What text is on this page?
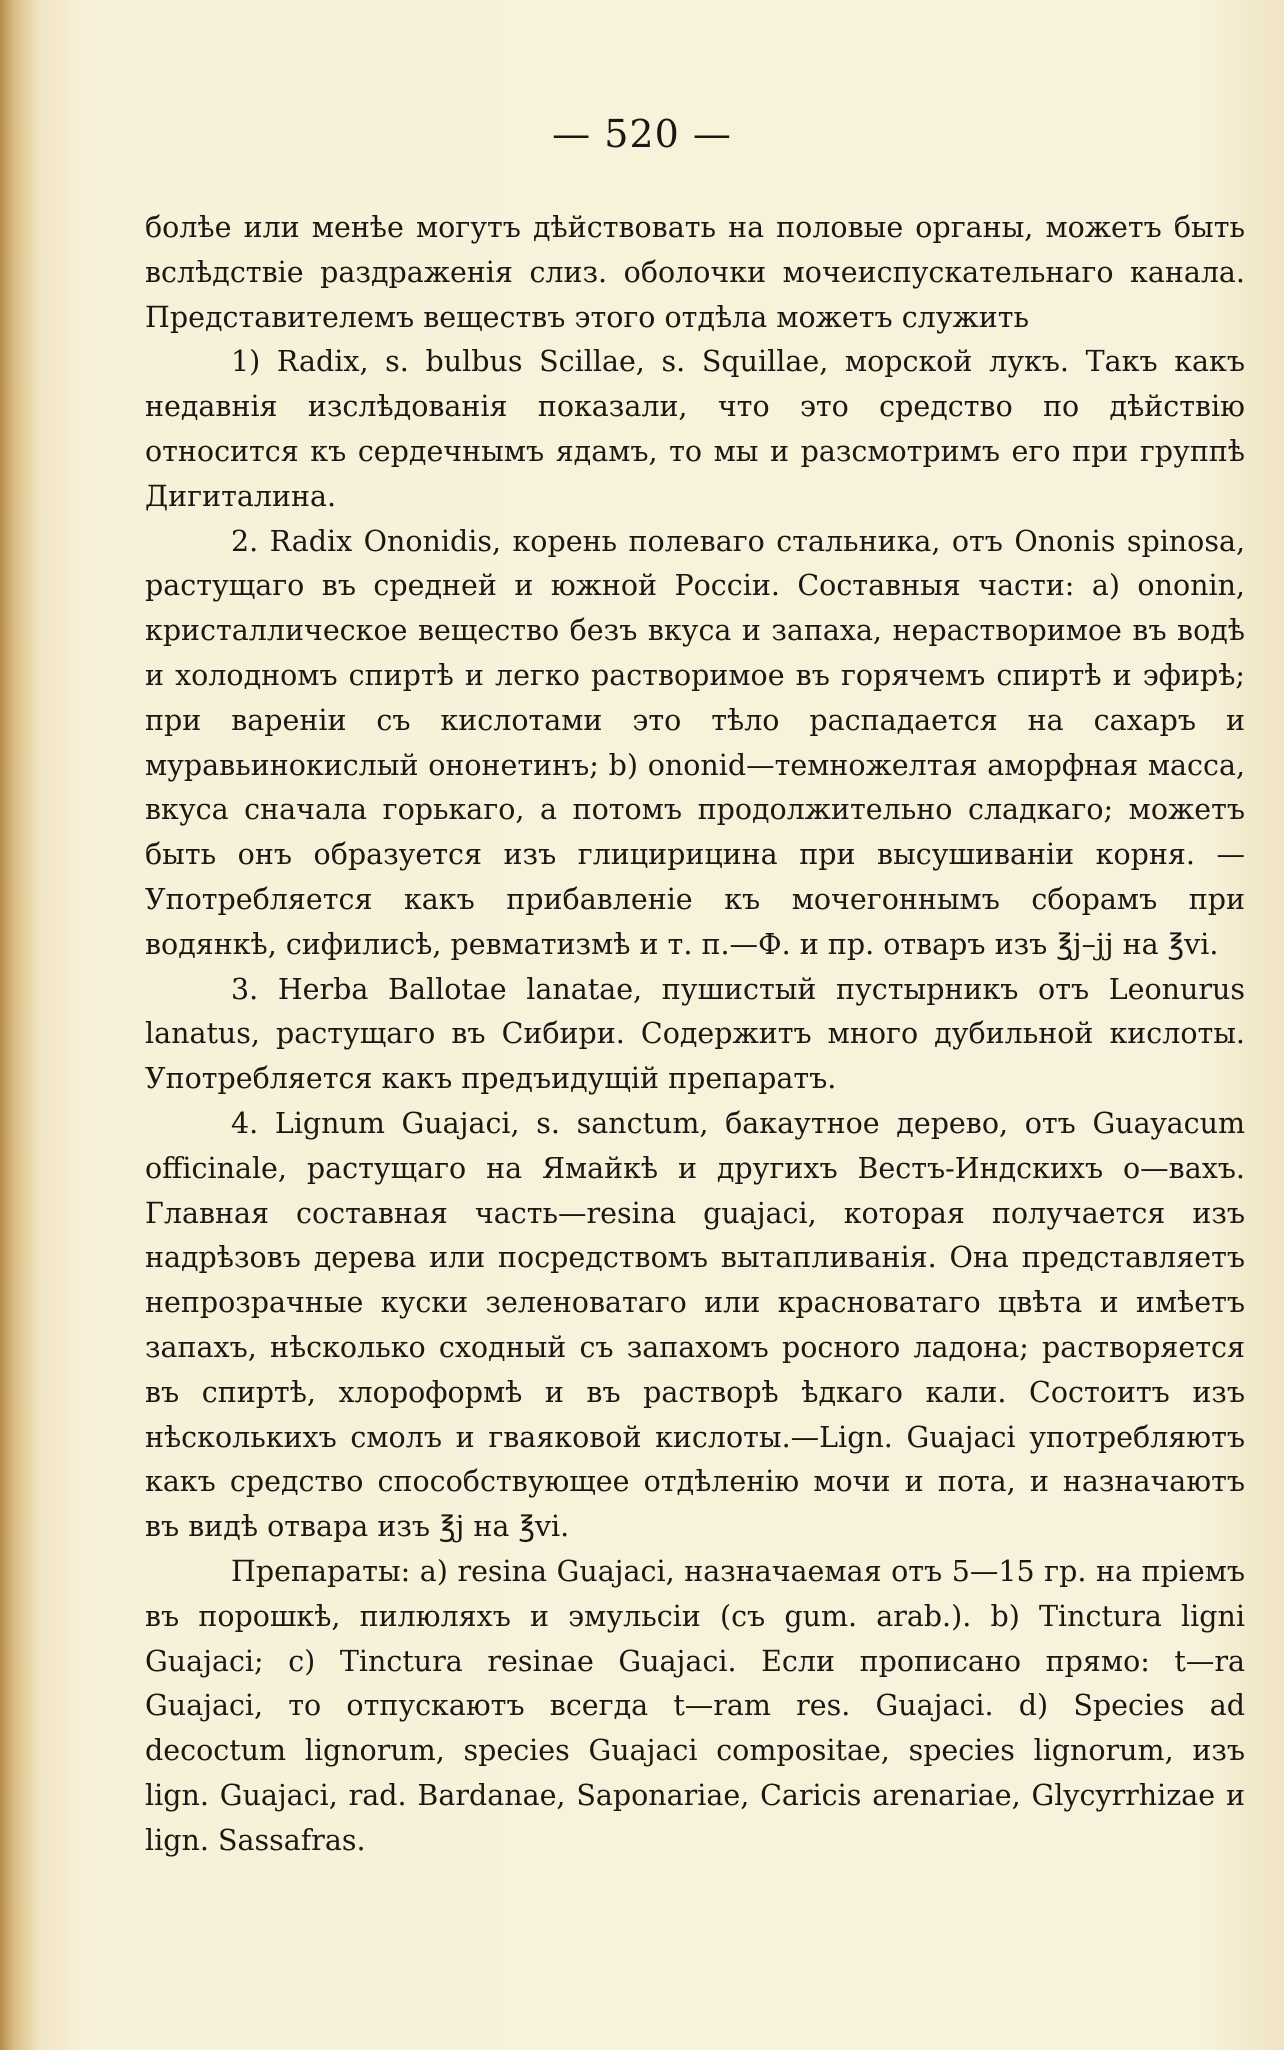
— 520 —

болѣе или менѣе могутъ дѣйствовать на половые органы, можетъ быть вслѣдствiе раздраженiя слиз. оболочки мочеиспускательнаго канала. Представителемъ веществъ этого отдѣла можетъ служить

1) Radix, s. bulbus Scillae, s. Squillae, морской лукъ. Такъ какъ недавнiя изслѣдованiя показали, что это средство по дѣйствiю относится къ сердечнымъ ядамъ, то мы и разсмотримъ его при группѣ Дигиталина.

2. Radix Ononidis, корень полеваго стальника, отъ Ononis spinosa, растущаго въ средней и южной Россiи. Составныя части: а) ononin, кристаллическое вещество безъ вкуса и запаха, нерастворимое въ водѣ и холодномъ спиртѣ и легко растворимое въ горячемъ спиртѣ и эфирѣ; при варенiи съ кислотами это тѣло распадается на сахаръ и муравьинокислый ононетинъ; b) ononid—темножелтая аморфная масса, вкуса сначала горькаго, а потомъ продолжительно сладкаго; можетъ быть онъ образуется изъ глицирицина при высушиванiи корня. —Употребляется какъ прибавленiе къ мочегоннымъ сборамъ при водянкѣ, сифилисѣ, ревматизмѣ и т. п.—Ф. и пр. отваръ изъ ℥j–jj на ℥vi.

3. Herba Ballotae lanatae, пушистый пустырникъ отъ Leonurus lanatus, растущаго въ Сибири. Содержитъ много дубильной кислоты. Употребляется какъ предъидущiй препаратъ.

4. Lignum Guajaci, s. sanctum, бакаутное дерево, отъ Guayacum officinale, растущаго на Ямайкѣ и другихъ Вестъ-Индскихъ о—вахъ. Главная составная часть—resina guajaci, которая получается изъ надрѣзовъ дерева или посредствомъ вытапливанiя. Она представляетъ непрозрачные куски зеленоватаго или красноватаго цвѣта и имѣетъ запахъ, нѣсколько сходный съ запахомъ росноrо ладона; растворяется въ спиртѣ, хлороформѣ и въ растворѣ ѣдкаго кали. Состоитъ изъ нѣсколькихъ смолъ и гваяковой кислоты.—Lign. Guajaci употребляютъ какъ средство способствующее отдѣленiю мочи и пота, и назначаютъ въ видѣ отвара изъ ℥j на ℥vi.

Препараты: a) resina Guajaci, назначаемая отъ 5—15 гр. на прiемъ въ порошкѣ, пилюляхъ и эмульсiи (съ gum. arab.). b) Tinctura ligni Guajaci; c) Tinctura resinae Guajaci. Если прописано прямо: t—ra Guajaci, то отпускаютъ всегда t—ram res. Guajaci. d) Species ad decoctum lignorum, species Guajaci compositae, species lignorum, изъ lign. Guajaci, rad. Bardanae, Saponariae, Caricis arenariae, Glycyrrhizae и lign. Sassafras.
